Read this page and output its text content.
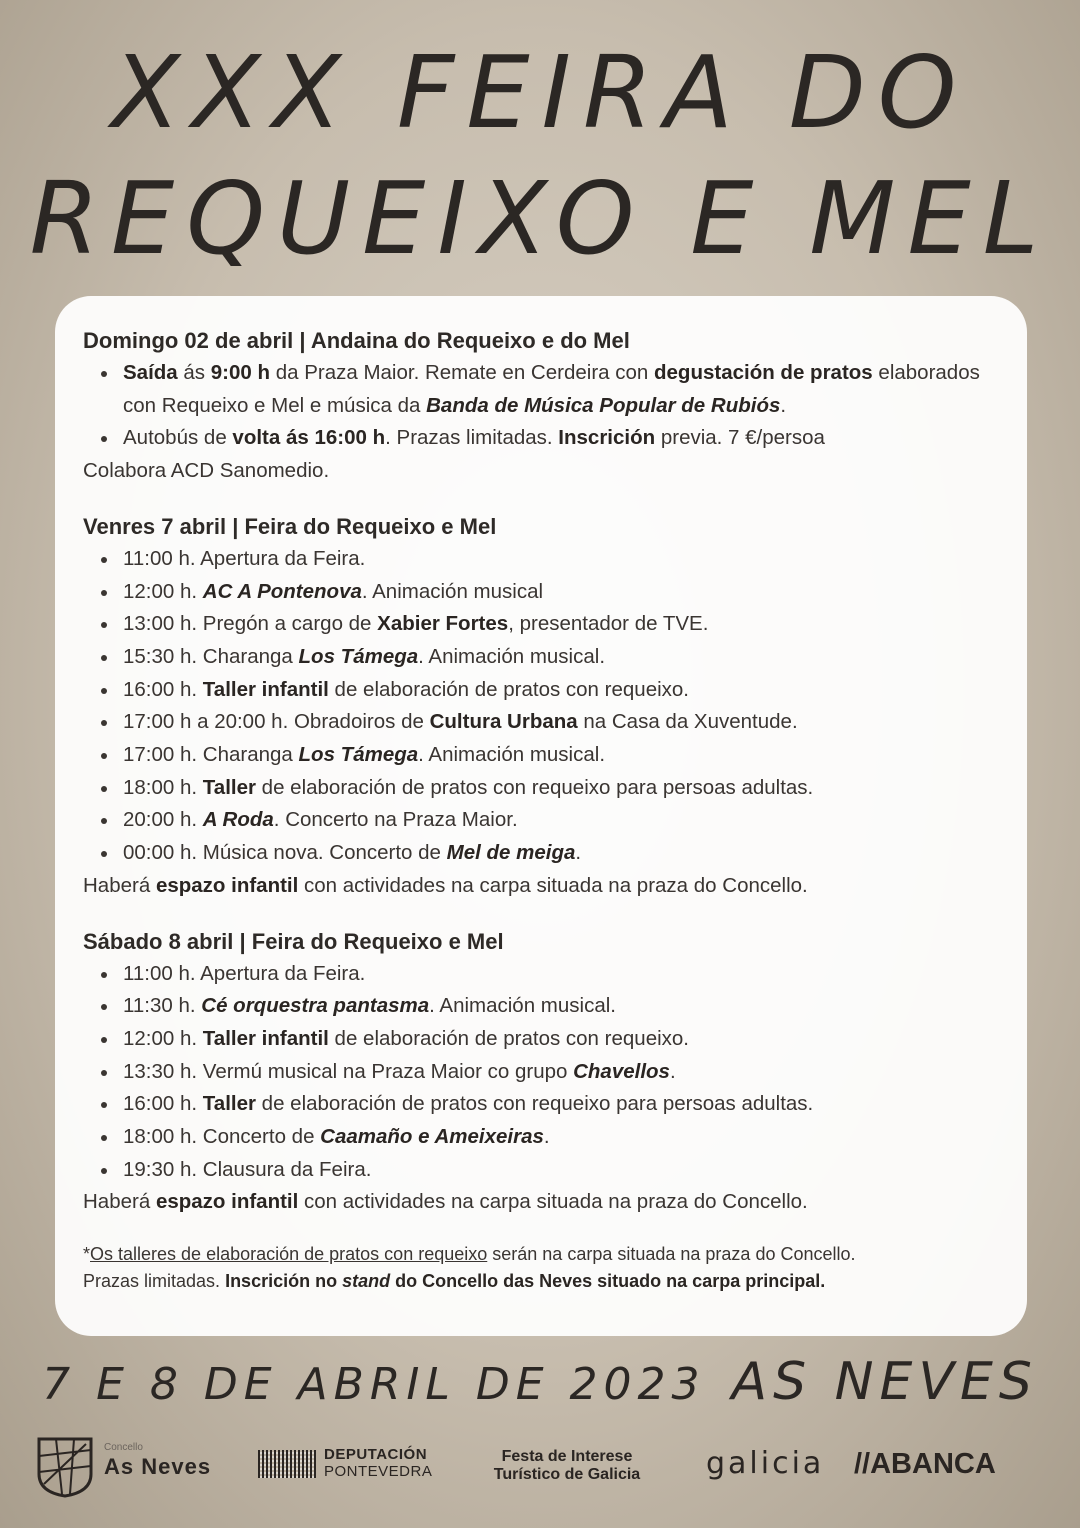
XXX FEIRA DO
REQUEIXO E MEL
Domingo 02 de abril | Andaina do Requeixo e do Mel
Saída ás 9:00 h da Praza Maior. Remate en Cerdeira con degustación de pratos elaborados con Requeixo e Mel e música da Banda de Música Popular de Rubiós.
Autobús de volta ás 16:00 h. Prazas limitadas. Inscrición previa. 7 €/persoa
Colabora ACD Sanomedio.
Venres 7 abril | Feira do Requeixo e Mel
11:00 h. Apertura da Feira.
12:00 h. AC A Pontenova. Animación musical
13:00 h. Pregón a cargo de Xabier Fortes, presentador de TVE.
15:30 h. Charanga Los Támega. Animación musical.
16:00 h. Taller infantil de elaboración de pratos con requeixo.
17:00 h a 20:00 h. Obradoiros de Cultura Urbana na Casa da Xuventude.
17:00 h. Charanga Los Támega. Animación musical.
18:00 h. Taller de elaboración de pratos con requeixo para persoas adultas.
20:00 h. A Roda. Concerto na Praza Maior.
00:00 h. Música nova. Concerto de Mel de meiga.
Haberá espazo infantil con actividades na carpa situada na praza do Concello.
Sábado 8 abril | Feira do Requeixo e Mel
11:00 h. Apertura da Feira.
11:30 h. Cé orquestra pantasma. Animación musical.
12:00 h. Taller infantil de elaboración de pratos con requeixo.
13:30 h. Vermú musical na Praza Maior co grupo Chavellos.
16:00 h. Taller de elaboración de pratos con requeixo para persoas adultas.
18:00 h. Concerto de Caamaño e Ameixeiras.
19:30 h. Clausura da Feira.
Haberá espazo infantil con actividades na carpa situada na praza do Concello.
*Os talleres de elaboración de pratos con requeixo serán na carpa situada na praza do Concello.
Prazas limitadas. Inscrición no stand do Concello das Neves situado na carpa principal.
7 E 8 DE ABRIL DE 2023 AS NEVES
Concello
As Neves	DEPUTACIÓN
PONTEVEDRA
Festa de Interese
Turístico de Galicia	galicia //ABANCA
